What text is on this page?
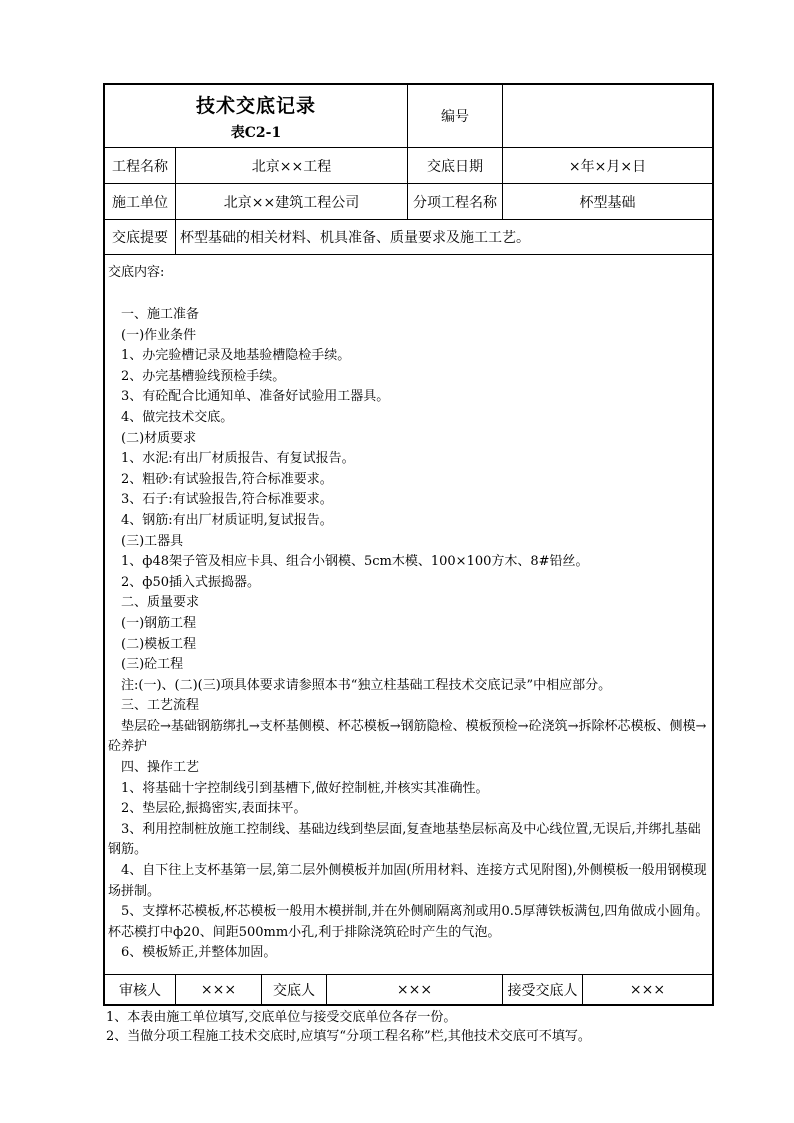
技术交底记录
表C2-1
编号
工程名称	北京××工程	交底日期	×年×月×日
施工单位	北京××建筑工程公司	分项工程名称	杯型基础
交底提要 杯型基础的相关材料、机具准备、质量要求及施工工艺。
交底内容:
一、施工准备
(一)作业条件
1、办完验槽记录及地基验槽隐检手续。
2、办完基槽验线预检手续。
3、有砼配合比通知单、准备好试验用工器具。
4、做完技术交底。
(二)材质要求
1、水泥:有出厂材质报告、有复试报告。
2、粗砂:有试验报告,符合标准要求。
3、石子:有试验报告,符合标准要求。
4、钢筋:有出厂材质证明,复试报告。
(三)工器具
1、ф48架子管及相应卡具、组合小钢模、5cm木模、100×100方木、8#铅丝。
2、ф50插入式振捣器。
二、质量要求
(一)钢筋工程
(二)模板工程
(三)砼工程
注:(一)、(二)(三)项具体要求请参照本书“独立柱基础工程技术交底记录”中相应部分。
三、工艺流程
垫层砼→基础钢筋绑扎→支杯基侧模、杯芯模板→钢筋隐检、模板预检→砼浇筑→拆除杯芯模板、侧模→砼养护
四、操作工艺
1、将基础十字控制线引到基槽下,做好控制桩,并核实其准确性。
2、垫层砼,振捣密实,表面抹平。
3、利用控制桩放施工控制线、基础边线到垫层面,复查地基垫层标高及中心线位置,无误后,并绑扎基础钢筋。
4、自下往上支杯基第一层,第二层外侧模板并加固(所用材料、连接方式见附图),外侧模板一般用钢模现场拼制。
5、支撑杯芯模板,杯芯模板一般用木模拼制,并在外侧刷隔离剂或用0.5厚薄铁板满包,四角做成小圆角。杯芯模打中ф20、间距500mm小孔,利于排除浇筑砼时产生的气泡。
6、模板矫正,并整体加固。
审核人	×××	交底人	×××	接受交底人	×××
1、本表由施工单位填写,交底单位与接受交底单位各存一份。
2、当做分项工程施工技术交底时,应填写“分项工程名称”栏,其他技术交底可不填写。
